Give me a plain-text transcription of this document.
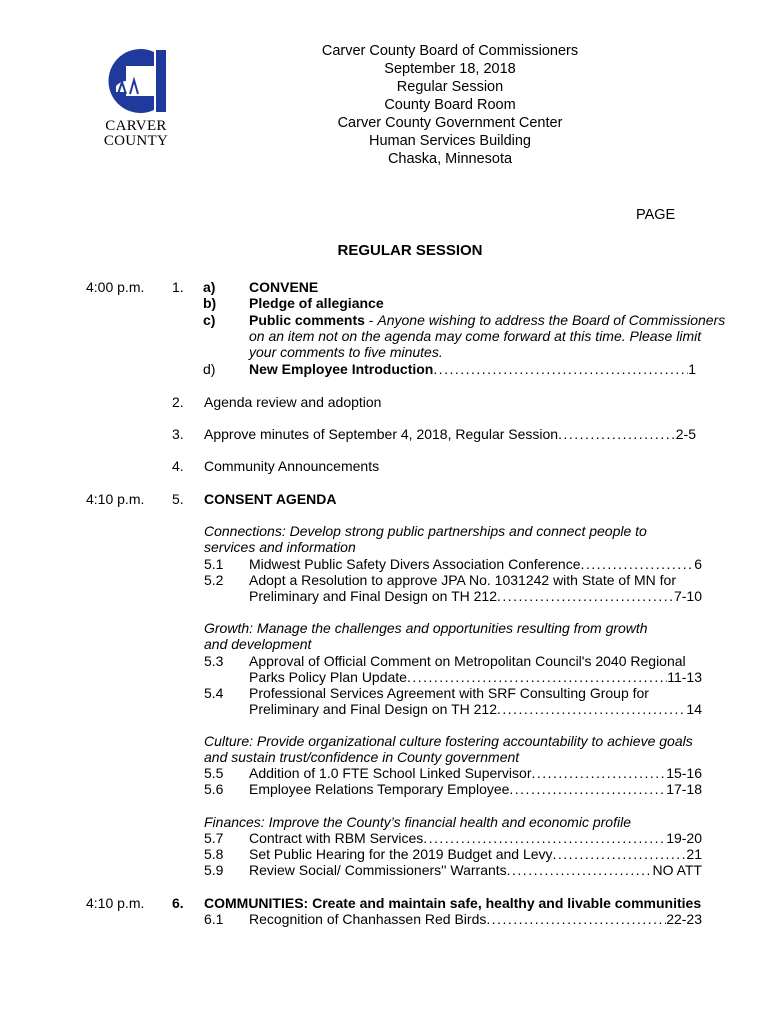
CARVER
COUNTY
Carver County Board of Commissioners
September 18, 2018
Regular Session
County Board Room
Carver County Government Center
Human Services Building
Chaska, Minnesota
PAGE
REGULAR SESSION
4:00 p.m. 1. a) CONVENE
b) Pledge of allegiance
c) Public comments - Anyone wishing to address the Board of Commissioners
on an item not on the agenda may come forward at this time. Please limit
your comments to five minutes.
d) New Employee Introduction . . .	1
2. Agenda review and adoption
3. Approve minutes of September 4, 2018, Regular Session . . .	2-5
4. Community Announcements
4:10 p.m. 5. CONSENT AGENDA
Connections: Develop strong public partnerships and connect people to
services and information
5.1 Midwest Public Safety Divers Association Conference . . .	6
5.2 Adopt a Resolution to approve JPA No. 1031242 with State of MN for
Preliminary and Final Design on TH 212 . . .	7-10
Growth: Manage the challenges and opportunities resulting from growth
and development
5.3 Approval of Official Comment on Metropolitan Council's 2040 Regional
Parks Policy Plan Update . . .	11-13
5.4 Professional Services Agreement with SRF Consulting Group for
Preliminary and Final Design on TH 212 . . .	14
Culture: Provide organizational culture fostering accountability to achieve goals
and sustain trust/confidence in County government
5.5 Addition of 1.0 FTE School Linked Supervisor . . .	15-16
5.6 Employee Relations Temporary Employee . . .	17-18
Finances: Improve the County’s financial health and economic profile
5.7 Contract with RBM Services . . .	19-20
5.8 Set Public Hearing for the 2019 Budget and Levy . . .	21
5.9 Review Social/ Commissioners'' Warrants . . .	NO ATT
4:10 p.m. 6. COMMUNITIES: Create and maintain safe, healthy and livable communities
6.1 Recognition of Chanhassen Red Birds . . .	22-23
